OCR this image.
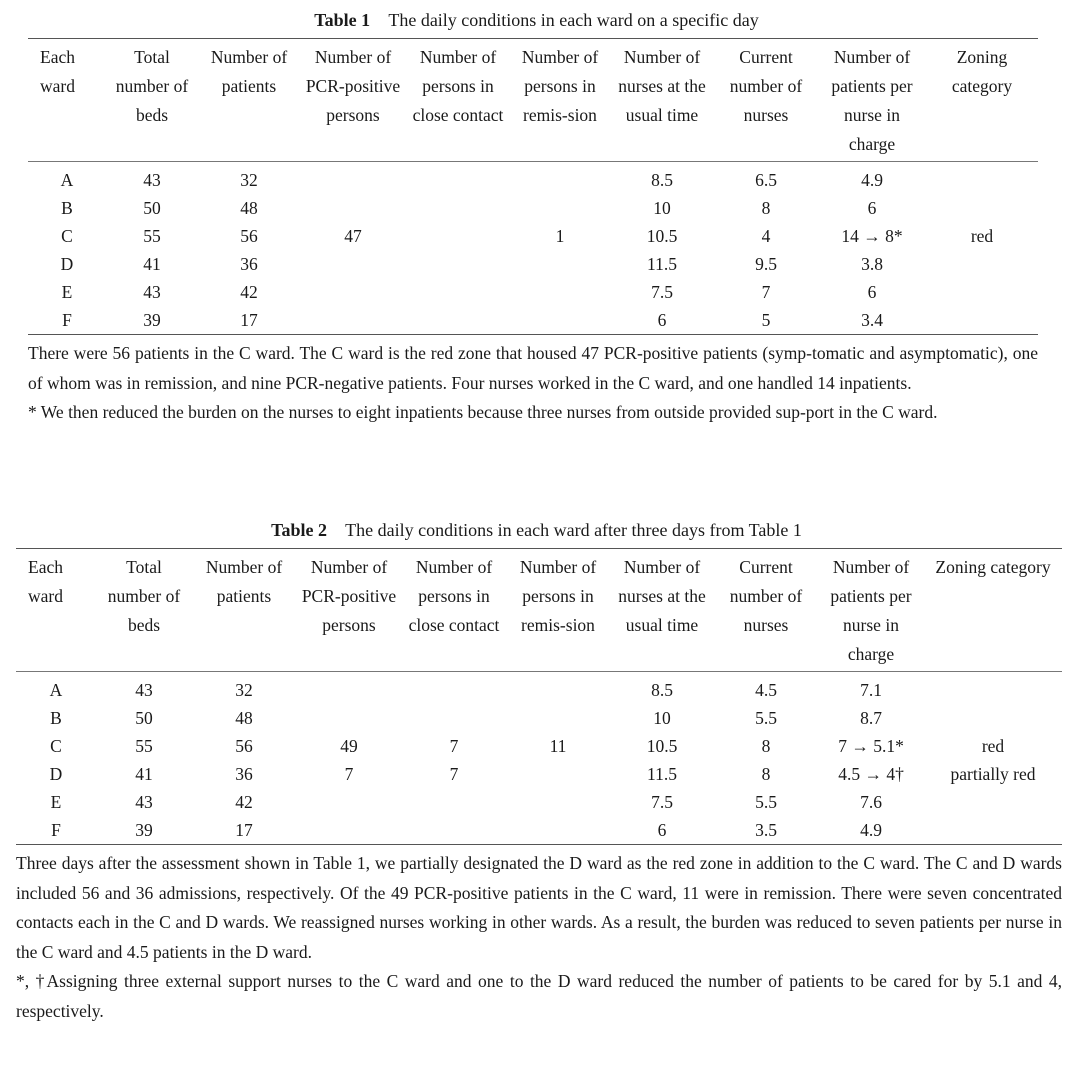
Table 1 The daily conditions in each ward on a specific day
Each ward	Total number of beds	Number of patients	Number of PCR-positive persons	Number of persons in close contact	Number of persons in remis-sion	Number of nurses at the usual time	Current number of nurses	Number of patients per nurse in charge	Zoning category
A	43	32				8.5	6.5	4.9	
B	50	48				10	8	6	
C	55	56	47		1	10.5	4	14 → 8*	red
D	41	36				11.5	9.5	3.8	
E	43	42				7.5	7	6	
F	39	17				6	5	3.4	

There were 56 patients in the C ward. The C ward is the red zone that housed 47 PCR-positive patients (symp-tomatic and asymptomatic), one of whom was in remission, and nine PCR-negative patients. Four nurses worked in the C ward, and one handled 14 inpatients.

* We then reduced the burden on the nurses to eight inpatients because three nurses from outside provided sup-port in the C ward.

Table 2 The daily conditions in each ward after three days from Table 1
Each ward	Total number of beds	Number of patients	Number of PCR-positive persons	Number of persons in close contact	Number of persons in remis-sion	Number of nurses at the usual time	Current number of nurses	Number of patients per nurse in charge	Zoning category
A	43	32				8.5	4.5	7.1	
B	50	48				10	5.5	8.7	
C	55	56	49	7	11	10.5	8	7 → 5.1*	red
D	41	36	7	7		11.5	8	4.5 → 4†	partially red
E	43	42				7.5	5.5	7.6	
F	39	17				6	3.5	4.9	

Three days after the assessment shown in Table 1, we partially designated the D ward as the red zone in addition to the C ward. The C and D wards included 56 and 36 admissions, respectively. Of the 49 PCR-positive patients in the C ward, 11 were in remission. There were seven concentrated contacts each in the C and D wards. We reassigned nurses working in other wards. As a result, the burden was reduced to seven patients per nurse in the C ward and 4.5 patients in the D ward.

*, †Assigning three external support nurses to the C ward and one to the D ward reduced the number of patients to be cared for by 5.1 and 4, respectively.
